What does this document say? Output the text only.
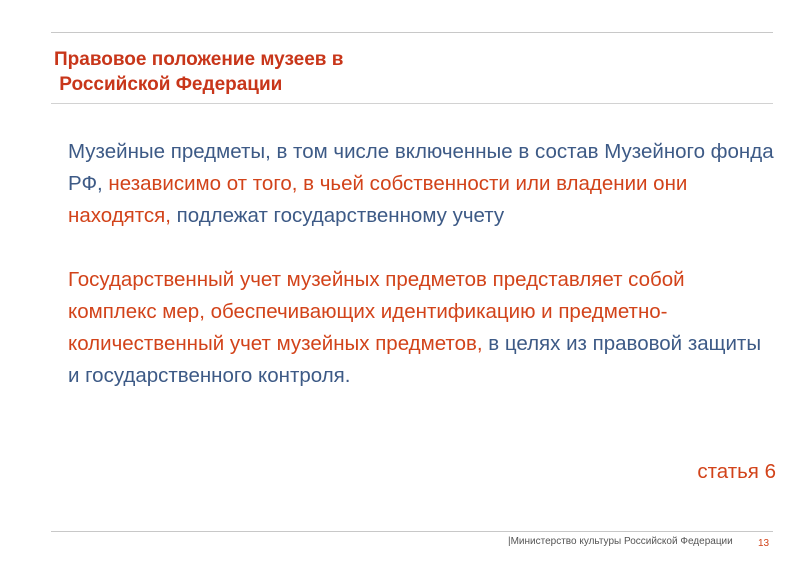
Правовое положение музеев в
Российской Федерации

Музейные предметы, в том числе включенные в состав Музейного фонда РФ, независимо от того, в чьей собственности или владении они находятся, подлежат государственному учету

Государственный учет музейных предметов представляет собой комплекс мер, обеспечивающих идентификацию и предметно-количественный учет музейных предметов, в целях из правовой защиты и государственного контроля.

статья 6
|Министерство культуры Российской Федерации	13
